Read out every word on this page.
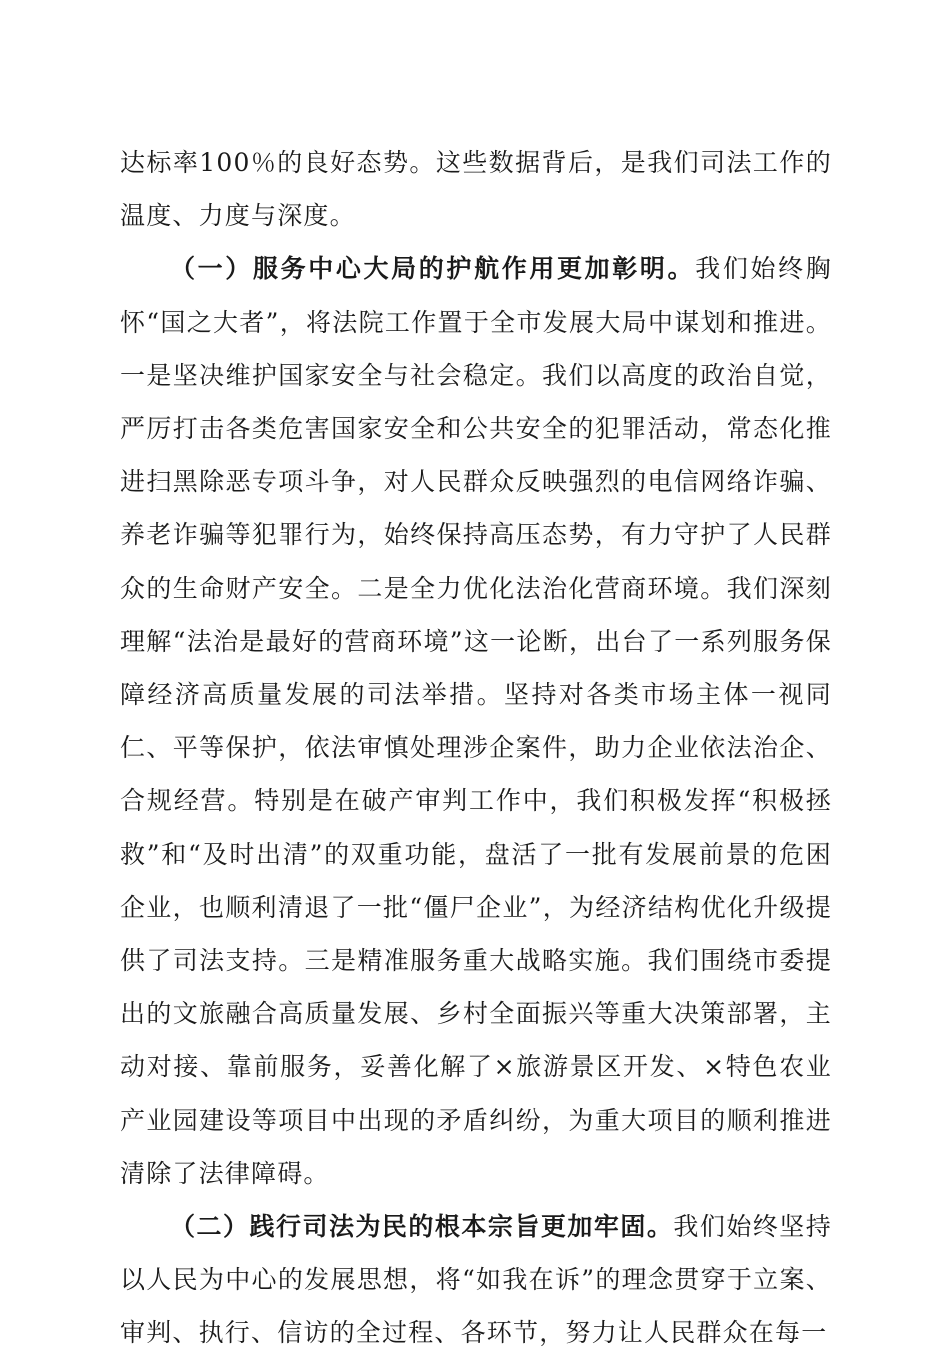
达标率100％的良好态势。这些数据背后，是我们司法工作的温度、力度与深度。

（一）服务中心大局的护航作用更加彰明。我们始终胸怀“国之大者”，将法院工作置于全市发展大局中谋划和推进。一是坚决维护国家安全与社会稳定。我们以高度的政治自觉，严厉打击各类危害国家安全和公共安全的犯罪活动，常态化推进扫黑除恶专项斗争，对人民群众反映强烈的电信网络诈骗、养老诈骗等犯罪行为，始终保持高压态势，有力守护了人民群众的生命财产安全。二是全力优化法治化营商环境。我们深刻理解“法治是最好的营商环境”这一论断，出台了一系列服务保障经济高质量发展的司法举措。坚持对各类市场主体一视同仁、平等保护，依法审慎处理涉企案件，助力企业依法治企、合规经营。特别是在破产审判工作中，我们积极发挥“积极拯救”和“及时出清”的双重功能，盘活了一批有发展前景的危困企业，也顺利清退了一批“僵尸企业”，为经济结构优化升级提供了司法支持。三是精准服务重大战略实施。我们围绕市委提出的文旅融合高质量发展、乡村全面振兴等重大决策部署，主动对接、靠前服务，妥善化解了×旅游景区开发、×特色农业产业园建设等项目中出现的矛盾纠纷，为重大项目的顺利推进清除了法律障碍。

（二）践行司法为民的根本宗旨更加牢固。我们始终坚持以人民为中心的发展思想，将“如我在诉”的理念贯穿于立案、审判、执行、信访的全过程、各环节，努力让人民群众在每一
